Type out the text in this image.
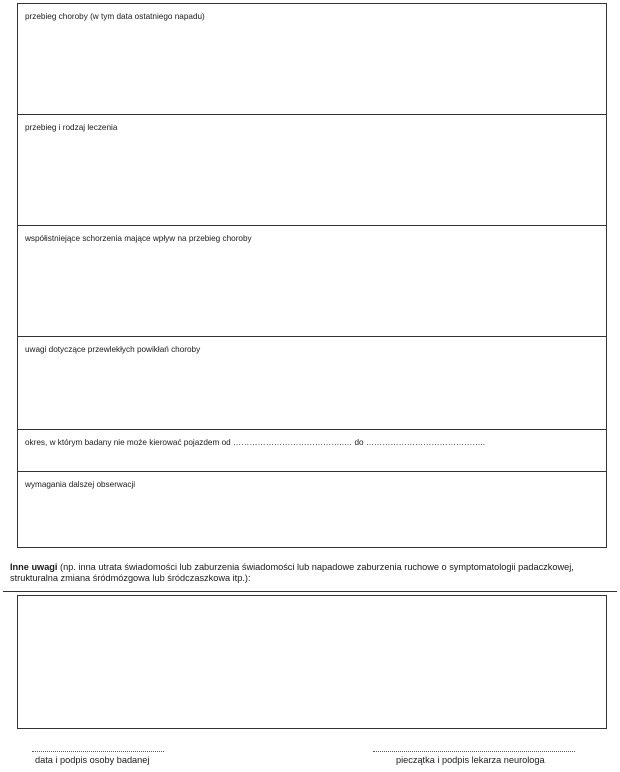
przebieg choroby (w tym data ostatniego napadu)
przebieg i rodzaj leczenia
współistniejące schorzenia mające wpływ na przebieg choroby
uwagi dotyczące przewlekłych powikłań choroby
okres, w którym badany nie może kierować pojazdem od …………………………………..… do ……………………………………..
wymagania dalszej obserwacji
Inne uwagi (np. inna utrata świadomości lub zaburzenia świadomości lub napadowe zaburzenia ruchowe o symptomatologii padaczkowej, strukturalna zmiana śródmózgowa lub śródczaszkowa itp.):
data i podpis osoby badanej	pieczątka i podpis lekarza neurologa
